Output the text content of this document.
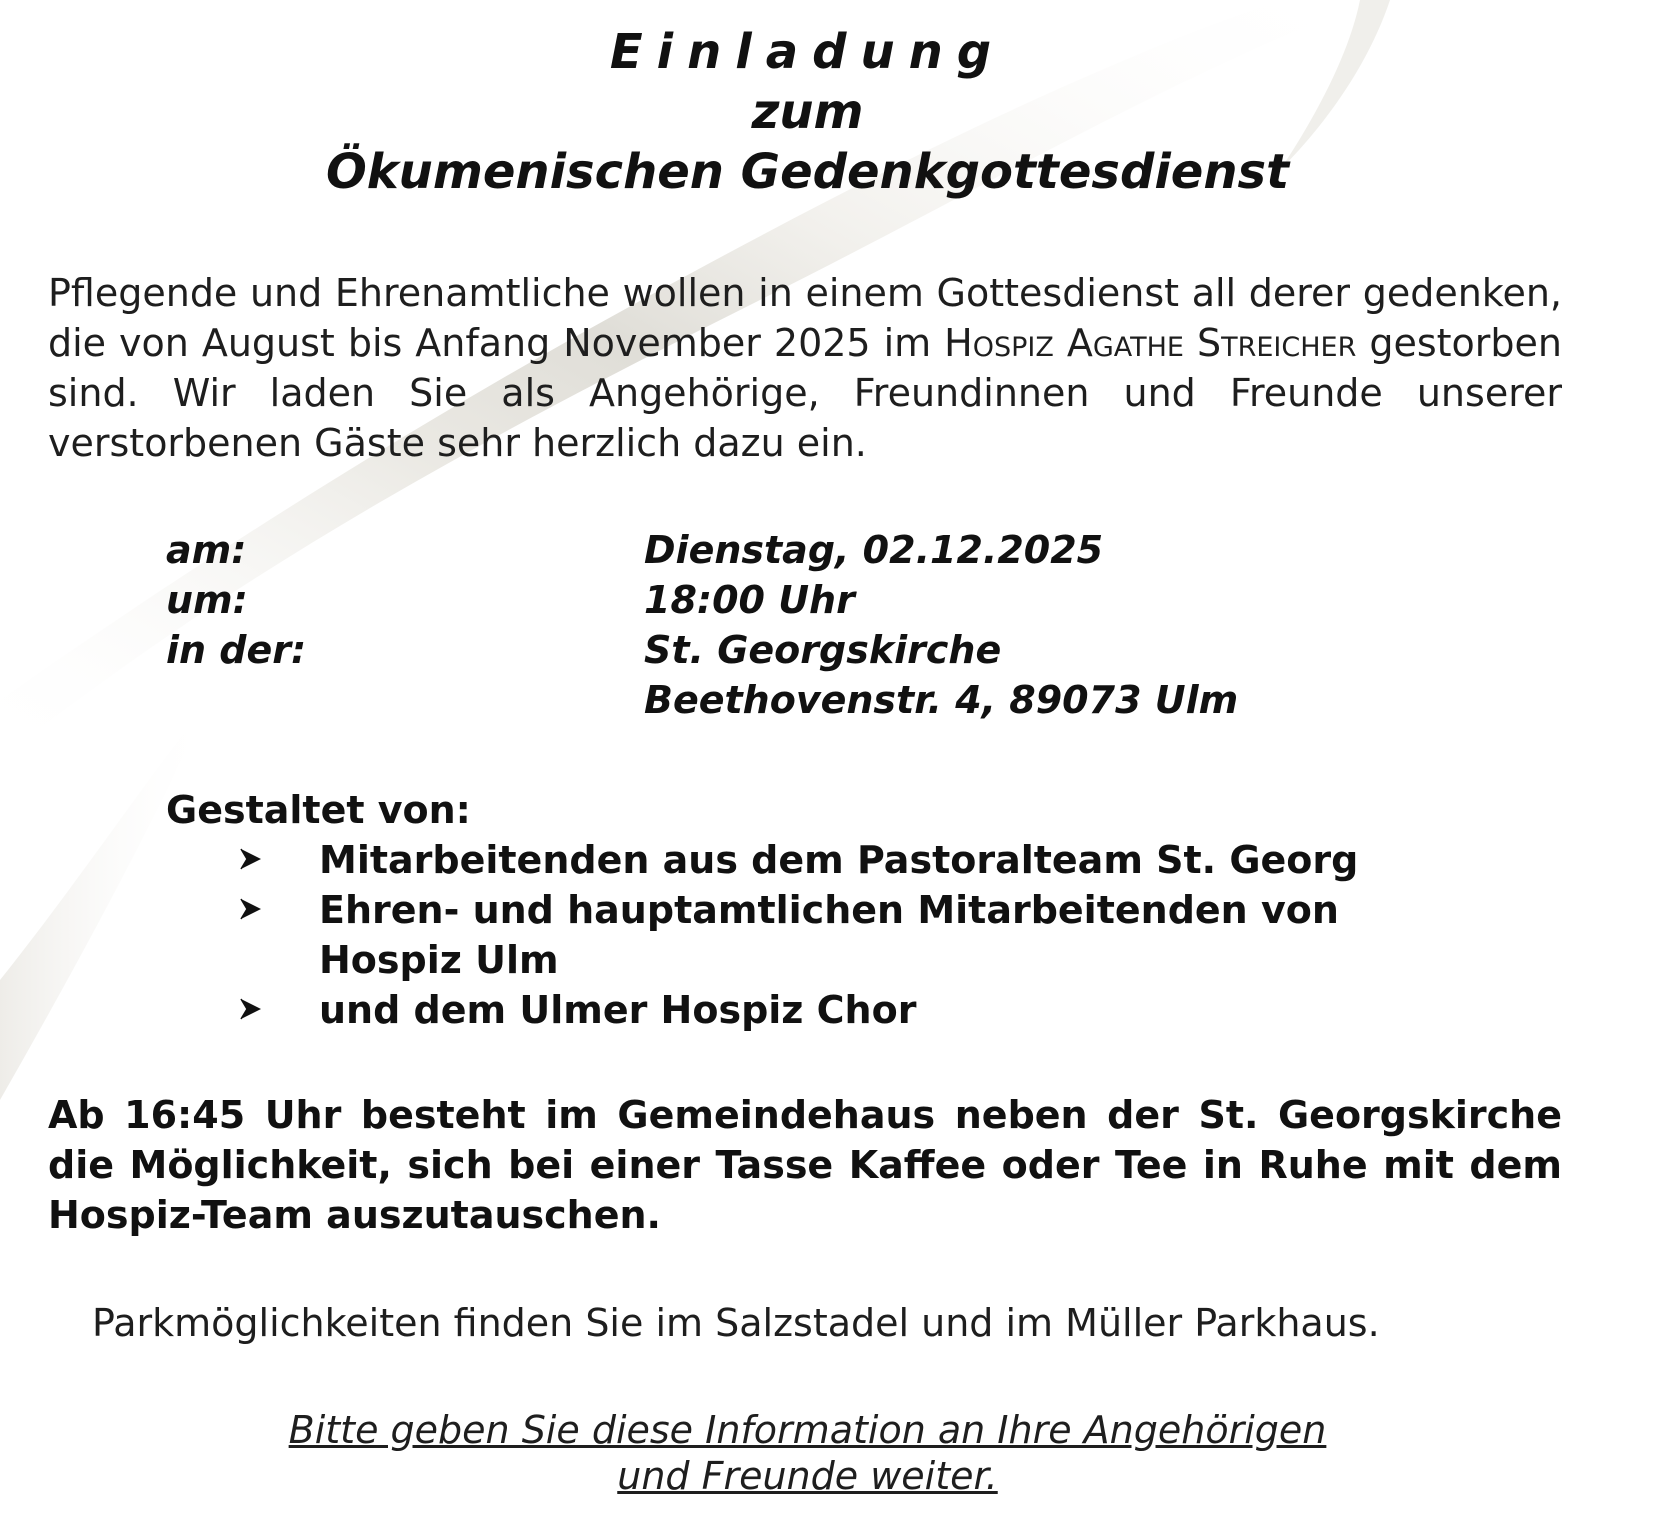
Einladung
zum
Ökumenischen Gedenkgottesdienst
Pflegende und Ehrenamtliche wollen in einem Gottesdienst all derer gedenken, die von August bis Anfang November 2025 im Hospiz Agathe Streicher gestorben sind. Wir laden Sie als Angehörige, Freundinnen und Freunde unserer verstorbenen Gäste sehr herzlich dazu ein.
am:	Dienstag, 02.12.2025
um:	18:00 Uhr
in der:	St. Georgskirche
Beethovenstr. 4, 89073 Ulm
Gestaltet von:
Mitarbeitenden aus dem Pastoralteam St. Georg
Ehren- und hauptamtlichen Mitarbeitenden von Hospiz Ulm
und dem Ulmer Hospiz Chor
Ab 16:45 Uhr besteht im Gemeindehaus neben der St. Georgskirche die Möglichkeit, sich bei einer Tasse Kaffee oder Tee in Ruhe mit dem Hospiz-Team auszutauschen.
Parkmöglichkeiten finden Sie im Salzstadel und im Müller Parkhaus.
Bitte geben Sie diese Information an Ihre Angehörigen
und Freunde weiter.
